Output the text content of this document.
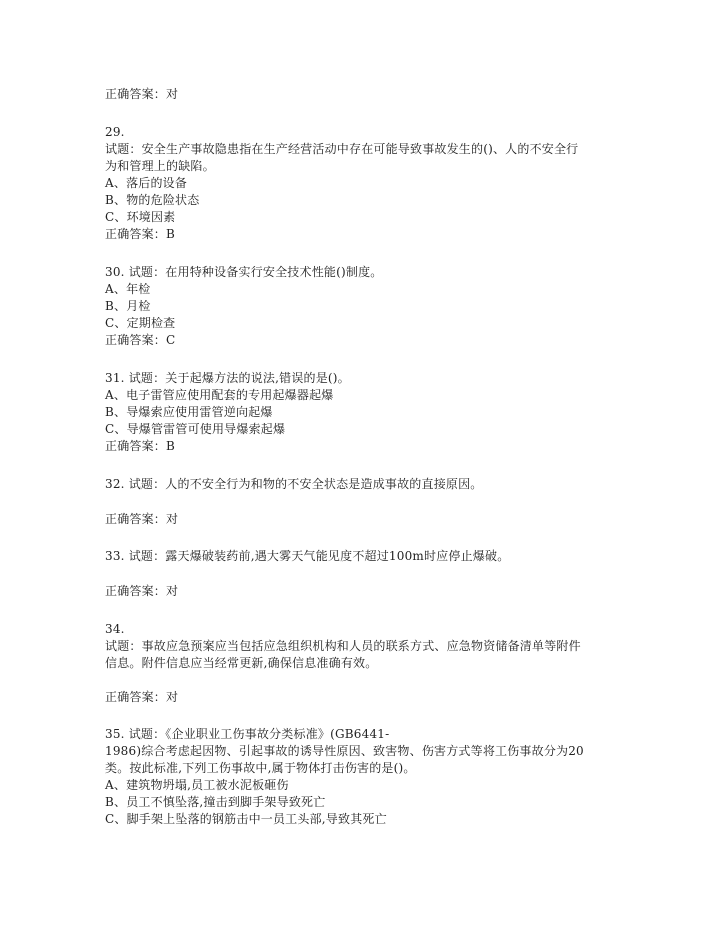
正确答案：对
29.
试题：安全生产事故隐患指在生产经营活动中存在可能导致事故发生的()、人的不安全行
为和管理上的缺陷。
A、落后的设备
B、物的危险状态
C、环境因素
正确答案：B
30. 试题：在用特种设备实行安全技术性能()制度。
A、年检
B、月检
C、定期检查
正确答案：C
31. 试题：关于起爆方法的说法,错误的是()。
A、电子雷管应使用配套的专用起爆器起爆
B、导爆索应使用雷管逆向起爆
C、导爆管雷管可使用导爆索起爆
正确答案：B
32. 试题：人的不安全行为和物的不安全状态是造成事故的直接原因。
正确答案：对
33. 试题：露天爆破装药前,遇大雾天气能见度不超过100m时应停止爆破。
正确答案：对
34.
试题：事故应急预案应当包括应急组织机构和人员的联系方式、应急物资储备清单等附件
信息。附件信息应当经常更新,确保信息准确有效。
正确答案：对
35. 试题：《企业职业工伤事故分类标准》(GB6441-
1986)综合考虑起因物、引起事故的诱导性原因、致害物、伤害方式等将工伤事故分为20
类。按此标准,下列工伤事故中,属于物体打击伤害的是()。
A、建筑物坍塌,员工被水泥板砸伤
B、员工不慎坠落,撞击到脚手架导致死亡
C、脚手架上坠落的钢筋击中一员工头部,导致其死亡
